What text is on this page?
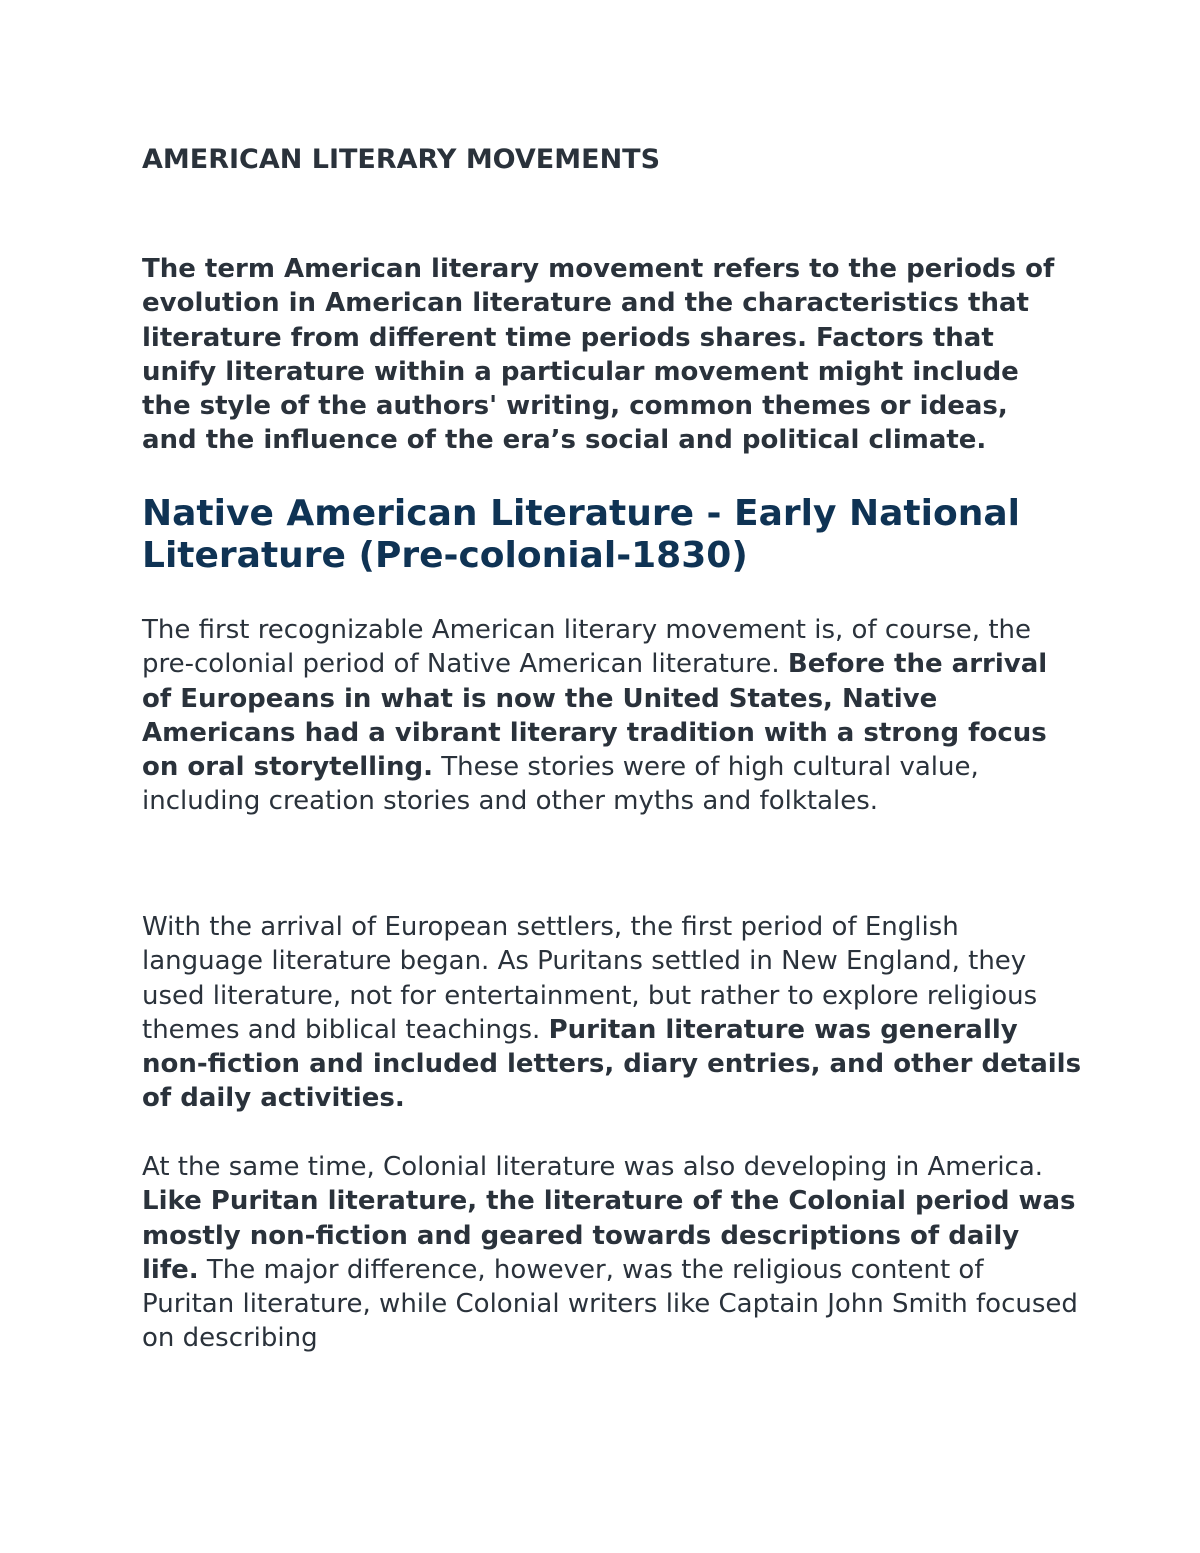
AMERICAN LITERARY MOVEMENTS

The term American literary movement refers to the periods of evolution in American literature and the characteristics that literature from different time periods shares. Factors that unify literature within a particular movement might include the style of the authors' writing, common themes or ideas, and the influence of the era’s social and political climate.

Native American Literature - Early National Literature (Pre-colonial-1830)

The first recognizable American literary movement is, of course, the pre-colonial period of Native American literature. Before the arrival of Europeans in what is now the United States, Native Americans had a vibrant literary tradition with a strong focus on oral storytelling. These stories were of high cultural value, including creation stories and other myths and folktales.

With the arrival of European settlers, the first period of English language literature began. As Puritans settled in New England, they used literature, not for entertainment, but rather to explore religious themes and biblical teachings. Puritan literature was generally non-fiction and included letters, diary entries, and other details of daily activities.

At the same time, Colonial literature was also developing in America. Like Puritan literature, the literature of the Colonial period was mostly non-fiction and geared towards descriptions of daily life. The major difference, however, was the religious content of Puritan literature, while Colonial writers like Captain John Smith focused on describing
